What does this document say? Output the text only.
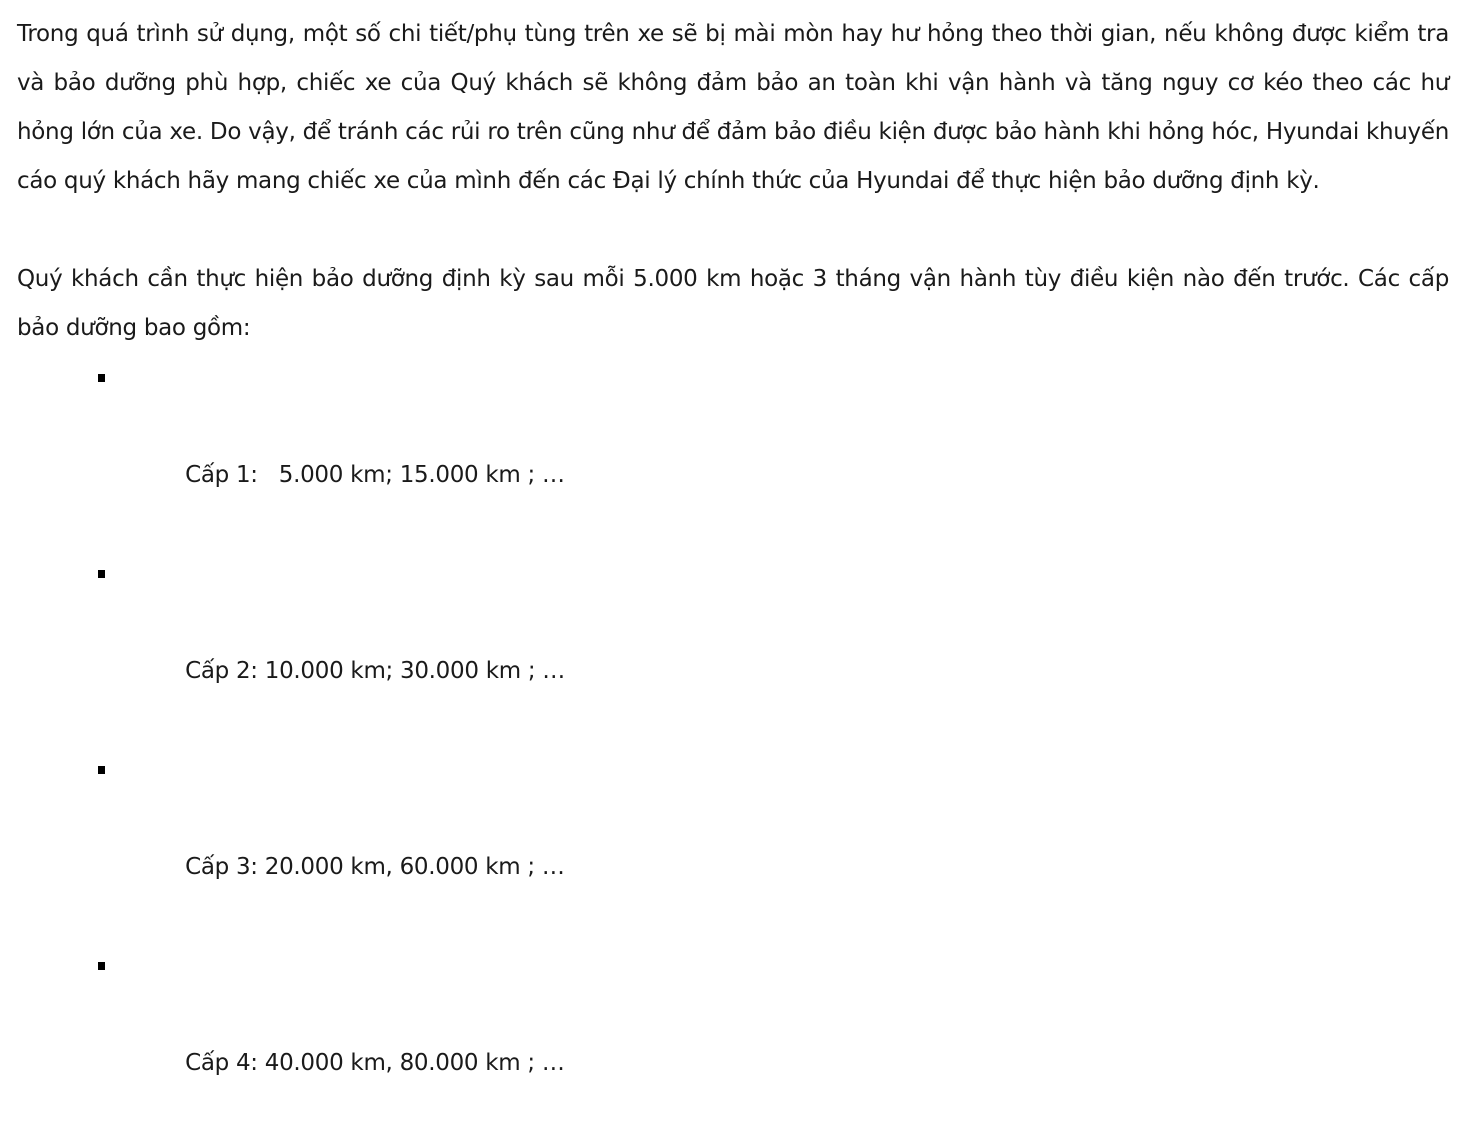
Trong quá trình sử dụng, một số chi tiết/phụ tùng trên xe sẽ bị mài mòn hay hư hỏng theo thời gian, nếu không được kiểm tra và bảo dưỡng phù hợp, chiếc xe của Quý khách sẽ không đảm bảo an toàn khi vận hành và tăng nguy cơ kéo theo các hư hỏng lớn của xe. Do vậy, để tránh các rủi ro trên cũng như để đảm bảo điều kiện được bảo hành khi hỏng hóc, Hyundai khuyến cáo quý khách hãy mang chiếc xe của mình đến các Đại lý chính thức của Hyundai để thực hiện bảo dưỡng định kỳ.

Quý khách cần thực hiện bảo dưỡng định kỳ sau mỗi 5.000 km hoặc 3 tháng vận hành tùy điều kiện nào đến trước. Các cấp bảo dưỡng bao gồm:

Cấp 1:   5.000 km; 15.000 km ; …

Cấp 2: 10.000 km; 30.000 km ; …

Cấp 3: 20.000 km, 60.000 km ; …

Cấp 4: 40.000 km, 80.000 km ; …
